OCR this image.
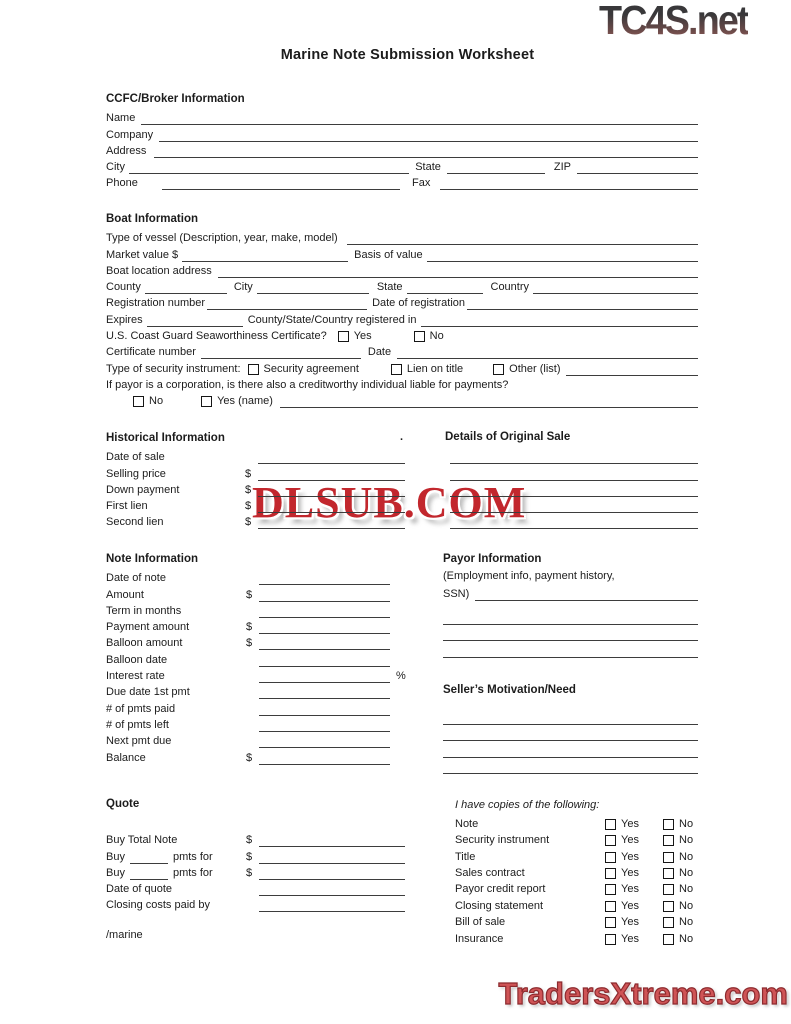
TC4S.net
DLSUB.COM
TradersXtreme.com
Marine Note Submission Worksheet
CCFC/Broker Information
Name
Company
Address
City	State	ZIP
Phone	Fax
Boat Information
Type of vessel (Description, year, make, model)
Market value $	Basis of value
Boat location address
County	City	State	Country
Registration number	Date of registration
Expires	County/State/Country registered in
U.S. Coast Guard Seaworthiness Certificate? Yes	No
Certificate number	Date
Type of security instrument: Security agreement	Lien on title	Other (list)
If payor is a corporation, is there also a creditworthy individual liable for payments?
No	Yes (name)
Historical Information	.	Details of Original Sale
Date of sale
Selling price	$
Down payment	$
First lien	$
Second lien	$
Note Information
Date of note
Amount	$
Term in months
Payment amount	$
Balloon amount	$
Balloon date
Interest rate	%
Due date 1st pmt
# of pmts paid
# of pmts left
Next pmt due
Balance	$
Payor Information
(Employment info, payment history,
SSN)
Seller’s Motivation/Need
Quote
Buy Total Note	$
Buy	pmts for	$
Buy	pmts for	$
Date of quote
Closing costs paid by
/marine
I have copies of the following:
Note	Yes	No
Security instrument	Yes	No
Title	Yes	No
Sales contract	Yes	No
Payor credit report	Yes	No
Closing statement	Yes	No
Bill of sale	Yes	No
Insurance	Yes	No
